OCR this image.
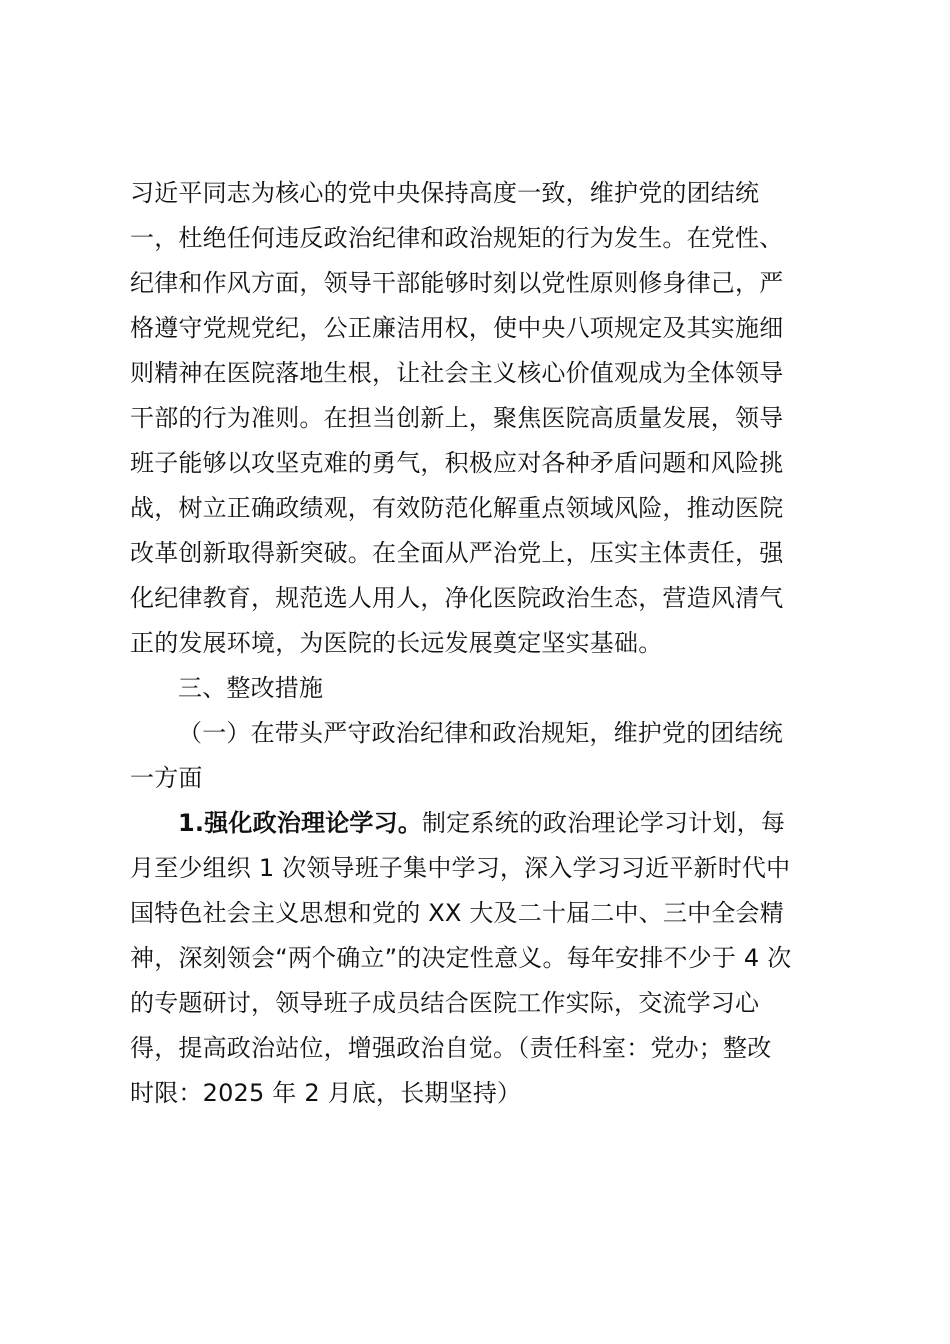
习近平同志为核心的党中央保持高度一致，维护党的团结统
一，杜绝任何违反政治纪律和政治规矩的行为发生。在党性、
纪律和作风方面，领导干部能够时刻以党性原则修身律己，严
格遵守党规党纪，公正廉洁用权，使中央八项规定及其实施细
则精神在医院落地生根，让社会主义核心价值观成为全体领导
干部的行为准则。在担当创新上，聚焦医院高质量发展，领导
班子能够以攻坚克难的勇气，积极应对各种矛盾问题和风险挑
战，树立正确政绩观，有效防范化解重点领域风险，推动医院
改革创新取得新突破。在全面从严治党上，压实主体责任，强
化纪律教育，规范选人用人，净化医院政治生态，营造风清气
正的发展环境，为医院的长远发展奠定坚实基础。
三、整改措施
（一）在带头严守政治纪律和政治规矩，维护党的团结统
一方面
1.强化政治理论学习。制定系统的政治理论学习计划，每
月至少组织 1 次领导班子集中学习，深入学习习近平新时代中
国特色社会主义思想和党的 XX 大及二十届二中、三中全会精
神，深刻领会“两个确立”的决定性意义。每年安排不少于 4 次
的专题研讨，领导班子成员结合医院工作实际，交流学习心
得，提高政治站位，增强政治自觉。（责任科室：党办；整改
时限：2025 年 2 月底，长期坚持）
